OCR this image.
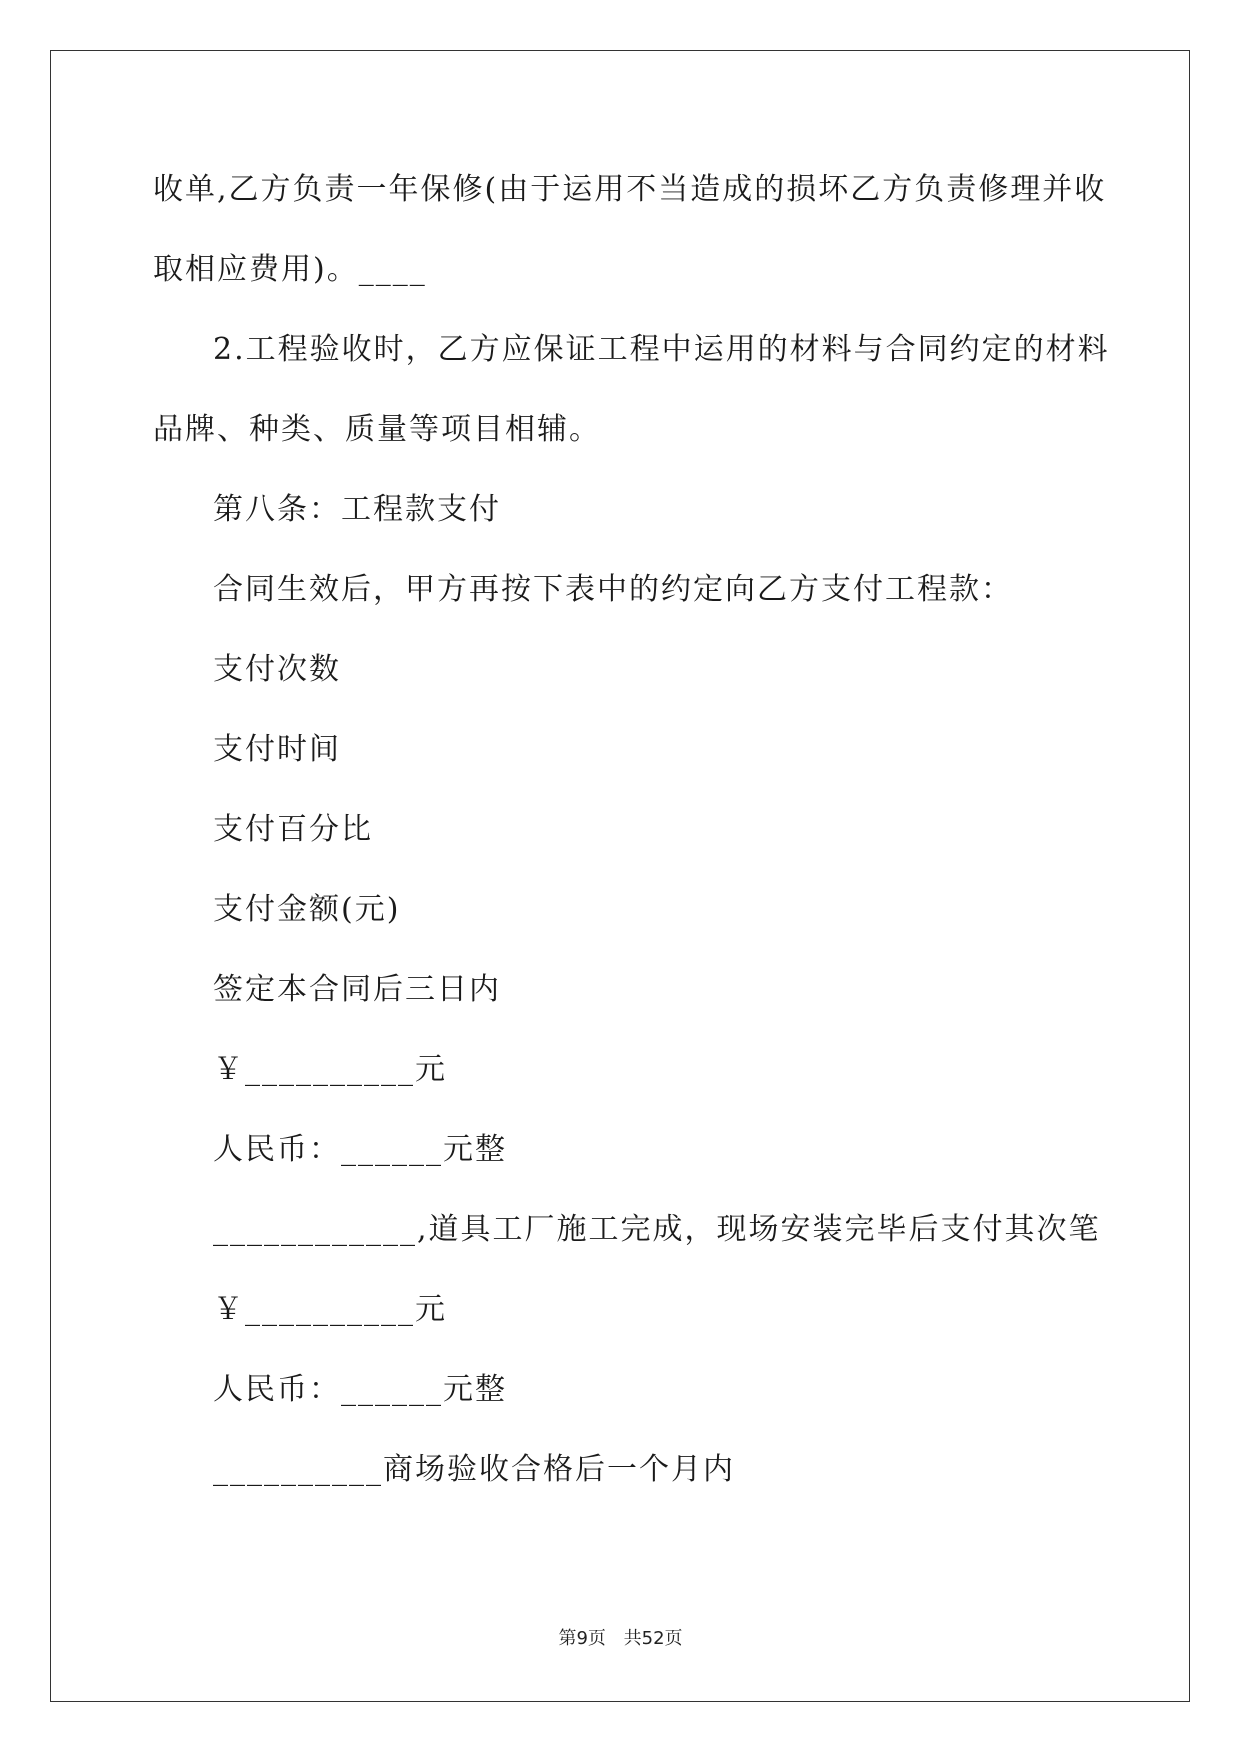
收单,乙方负责一年保修(由于运用不当造成的损坏乙方负责修理并收

取相应费用)。____

2.工程验收时，乙方应保证工程中运用的材料与合同约定的材料

品牌、种类、质量等项目相辅。

第八条：工程款支付

合同生效后，甲方再按下表中的约定向乙方支付工程款：

支付次数

支付时间

支付百分比

支付金额(元)

签定本合同后三日内

￥__________元

人民币：______元整

____________,道具工厂施工完成，现场安装完毕后支付其次笔

￥__________元

人民币：______元整

__________商场验收合格后一个月内

第9页 共52页
